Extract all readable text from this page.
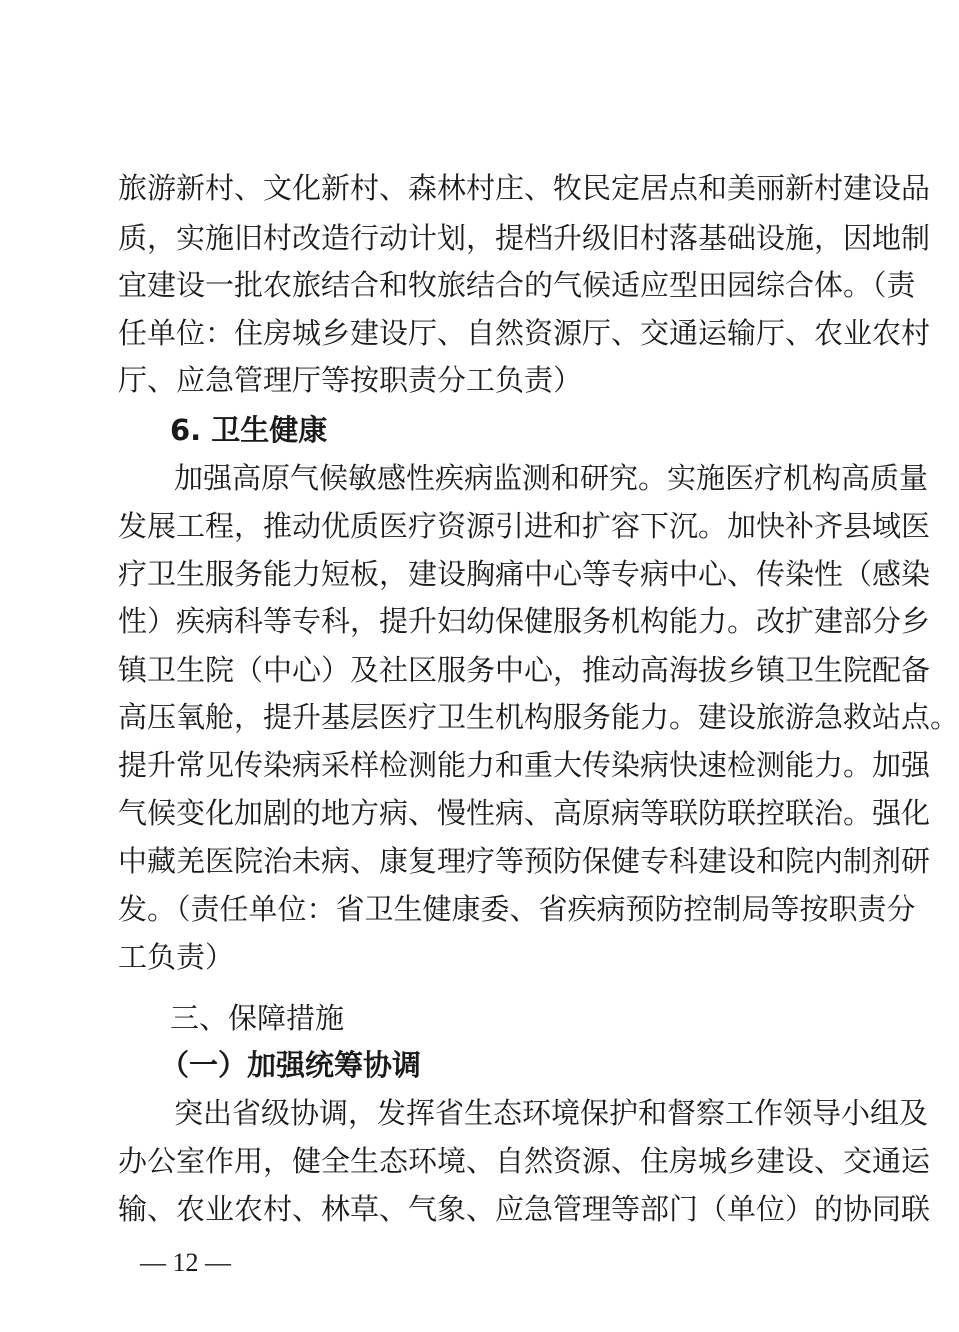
旅游新村、文化新村、森林村庄、牧民定居点和美丽新村建设品
质，实施旧村改造行动计划，提档升级旧村落基础设施，因地制
宜建设一批农旅结合和牧旅结合的气候适应型田园综合体。（责
任单位：住房城乡建设厅、自然资源厅、交通运输厅、农业农村
厅、应急管理厅等按职责分工负责）
6. 卫生健康
加强高原气候敏感性疾病监测和研究。实施医疗机构高质量
发展工程，推动优质医疗资源引进和扩容下沉。加快补齐县域医
疗卫生服务能力短板，建设胸痛中心等专病中心、传染性（感染
性）疾病科等专科，提升妇幼保健服务机构能力。改扩建部分乡
镇卫生院（中心）及社区服务中心，推动高海拔乡镇卫生院配备
高压氧舱，提升基层医疗卫生机构服务能力。建设旅游急救站点。
提升常见传染病采样检测能力和重大传染病快速检测能力。加强
气候变化加剧的地方病、慢性病、高原病等联防联控联治。强化
中藏羌医院治未病、康复理疗等预防保健专科建设和院内制剂研
发。（责任单位：省卫生健康委、省疾病预防控制局等按职责分
工负责）
三、保障措施
（一）加强统筹协调
突出省级协调，发挥省生态环境保护和督察工作领导小组及
办公室作用，健全生态环境、自然资源、住房城乡建设、交通运
输、农业农村、林草、气象、应急管理等部门（单位）的协同联
— 12 —
